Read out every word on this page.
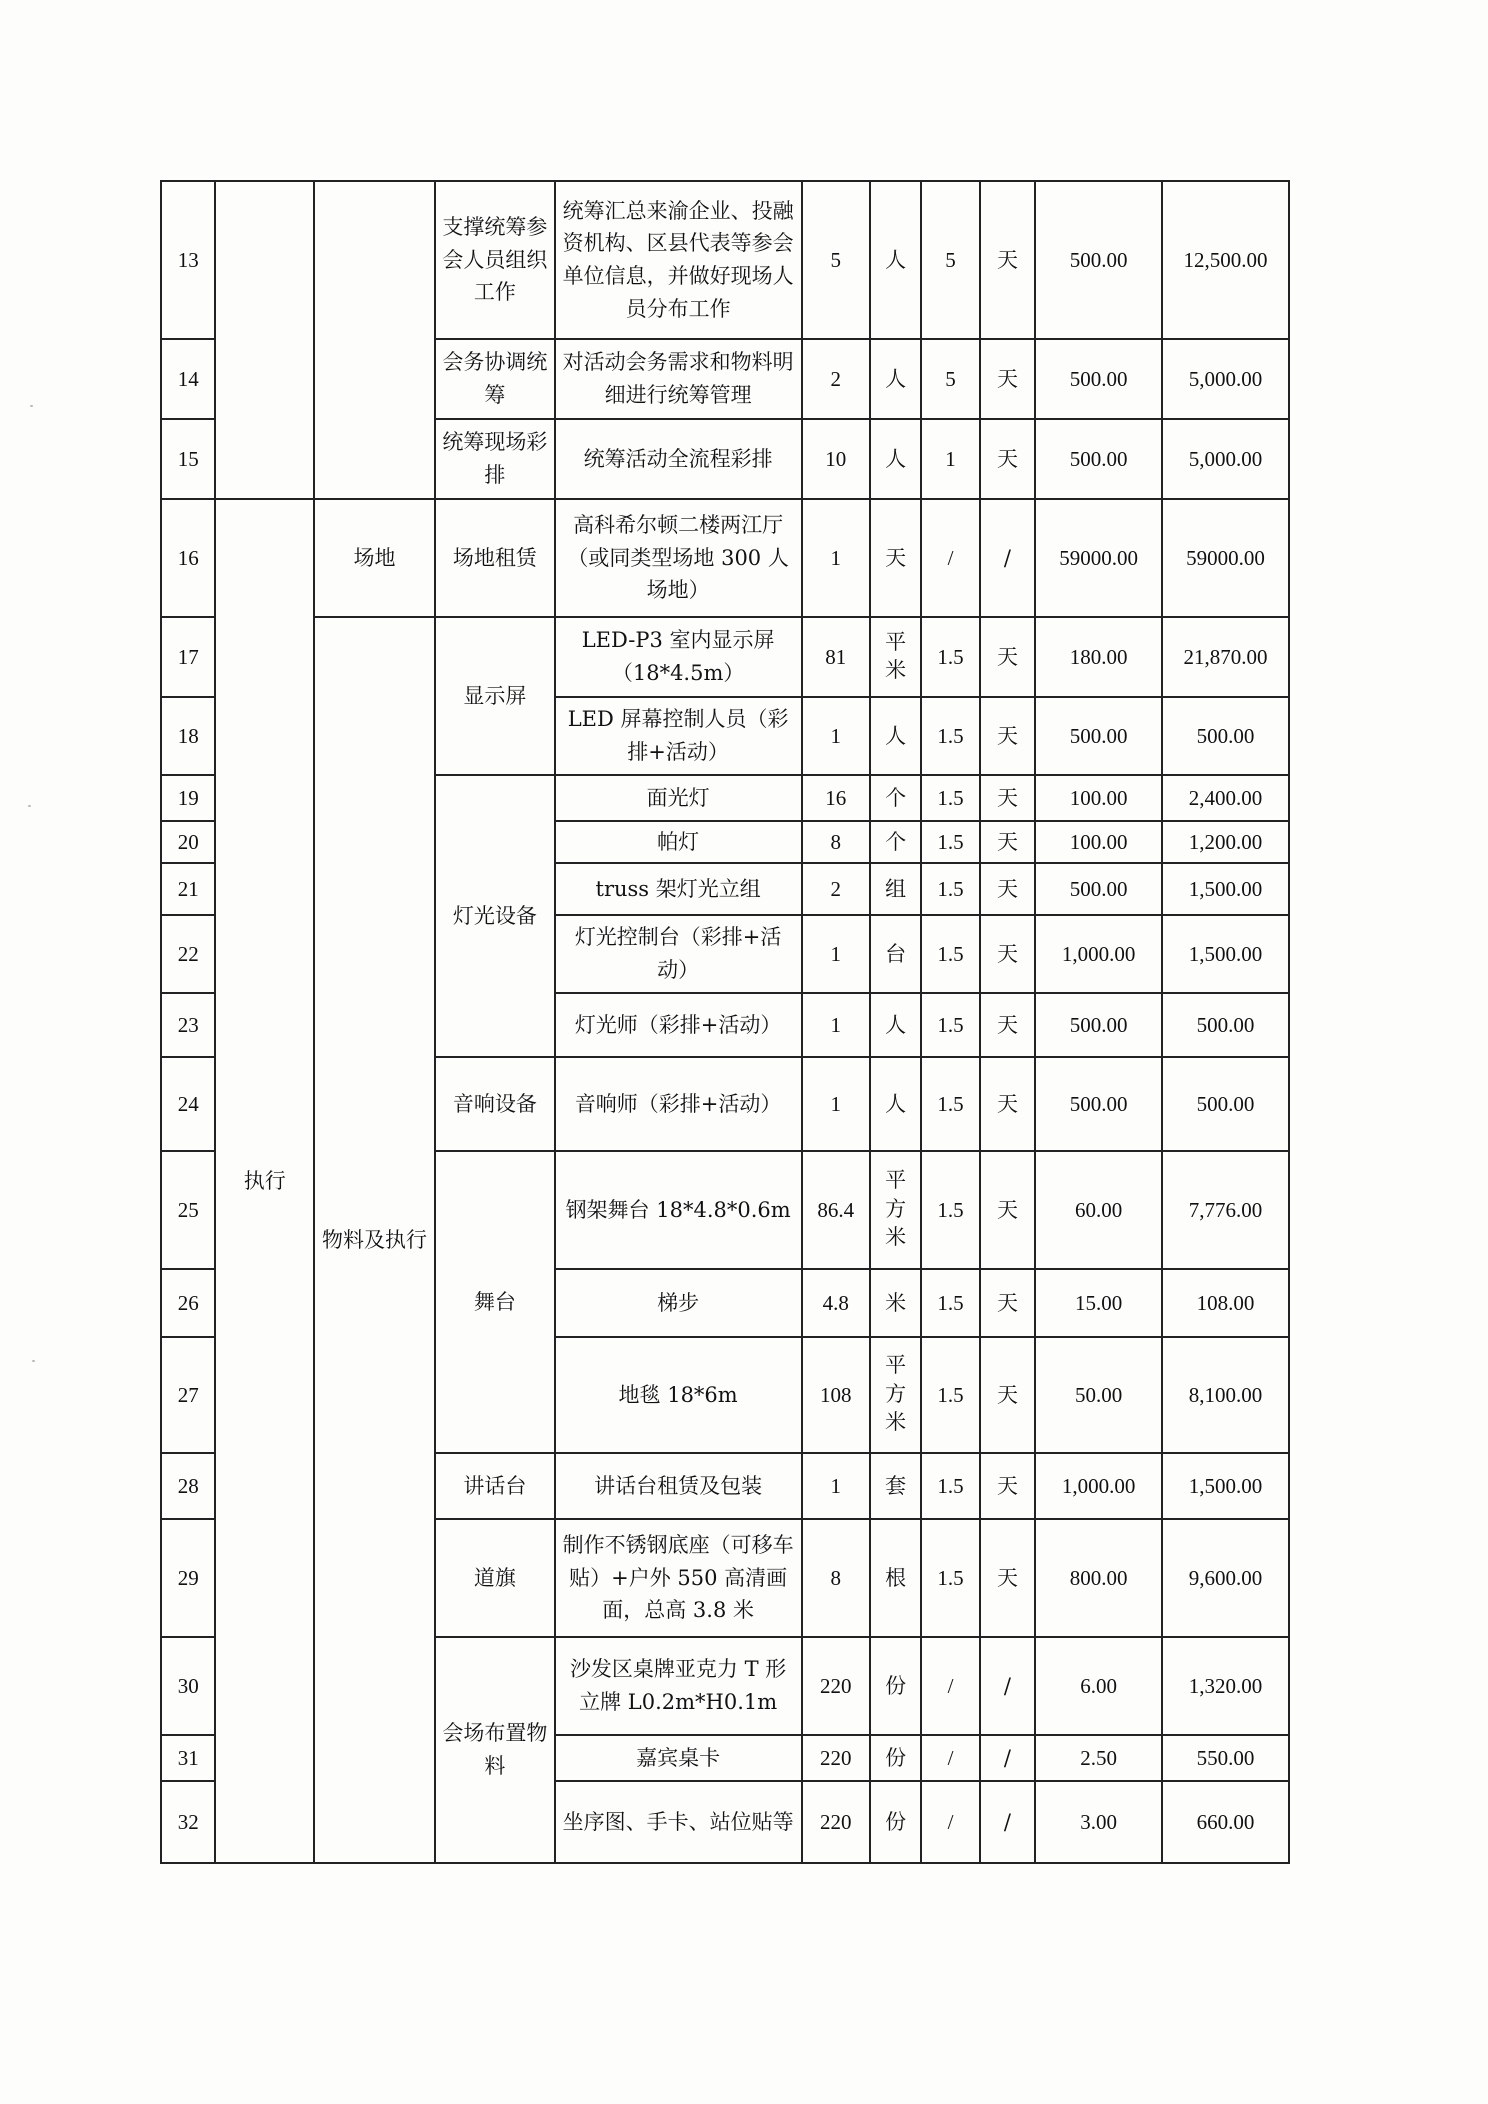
13			支撑统筹参会人员组织工作	统筹汇总来渝企业、投融资机构、区县代表等参会单位信息，并做好现场人员分布工作	5	人	5	天	500.00	12,500.00
14			会务协调统筹	对活动会务需求和物料明细进行统筹管理	2	人	5	天	500.00	5,000.00
15			统筹现场彩排	统筹活动全流程彩排	10	人	1	天	500.00	5,000.00
16	执行	场地	场地租赁	高科希尔顿二楼两江厅（或同类型场地 300 人场地）	1	天	/	/	59000.00	59000.00
17		物料及执行	显示屏	LED-P3 室内显示屏（18*4.5m）	81	平米	1.5	天	180.00	21,870.00
18				LED 屏幕控制人员（彩排+活动）	1	人	1.5	天	500.00	500.00
19			灯光设备	面光灯	16	个	1.5	天	100.00	2,400.00
20				帕灯	8	个	1.5	天	100.00	1,200.00
21				truss 架灯光立组	2	组	1.5	天	500.00	1,500.00
22				灯光控制台（彩排+活动）	1	台	1.5	天	1,000.00	1,500.00
23				灯光师（彩排+活动）	1	人	1.5	天	500.00	500.00
24			音响设备	音响师（彩排+活动）	1	人	1.5	天	500.00	500.00
25			舞台	钢架舞台 18*4.8*0.6m	86.4	平方米	1.5	天	60.00	7,776.00
26				梯步	4.8	米	1.5	天	15.00	108.00
27				地毯 18*6m	108	平方米	1.5	天	50.00	8,100.00
28			讲话台	讲话台租赁及包装	1	套	1.5	天	1,000.00	1,500.00
29			道旗	制作不锈钢底座（可移车贴）+户外 550 高清画面，总高 3.8 米	8	根	1.5	天	800.00	9,600.00
30			会场布置物料	沙发区桌牌亚克力 T 形立牌 L0.2m*H0.1m	220	份	/	/	6.00	1,320.00
31				嘉宾桌卡	220	份	/	/	2.50	550.00
32				坐序图、手卡、站位贴等	220	份	/	/	3.00	660.00
